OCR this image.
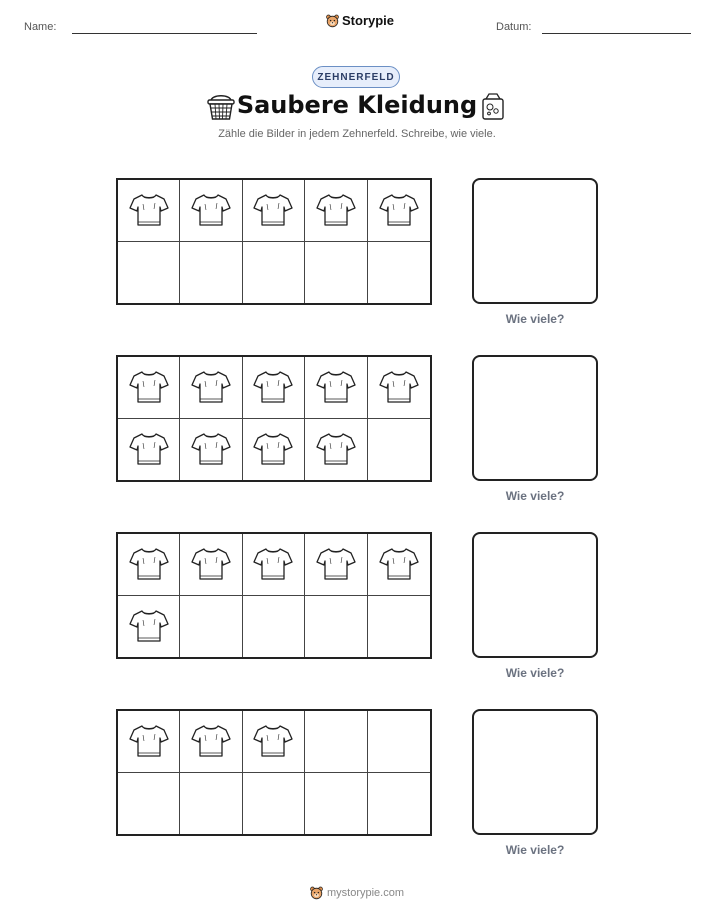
Name:	Storypie	Datum:
ZEHNERFELD
Saubere Kleidung
Zähle die Bilder in jedem Zehnerfeld. Schreibe, wie viele.
Wie viele?
Wie viele?
Wie viele?
Wie viele?
mystorypie.com
